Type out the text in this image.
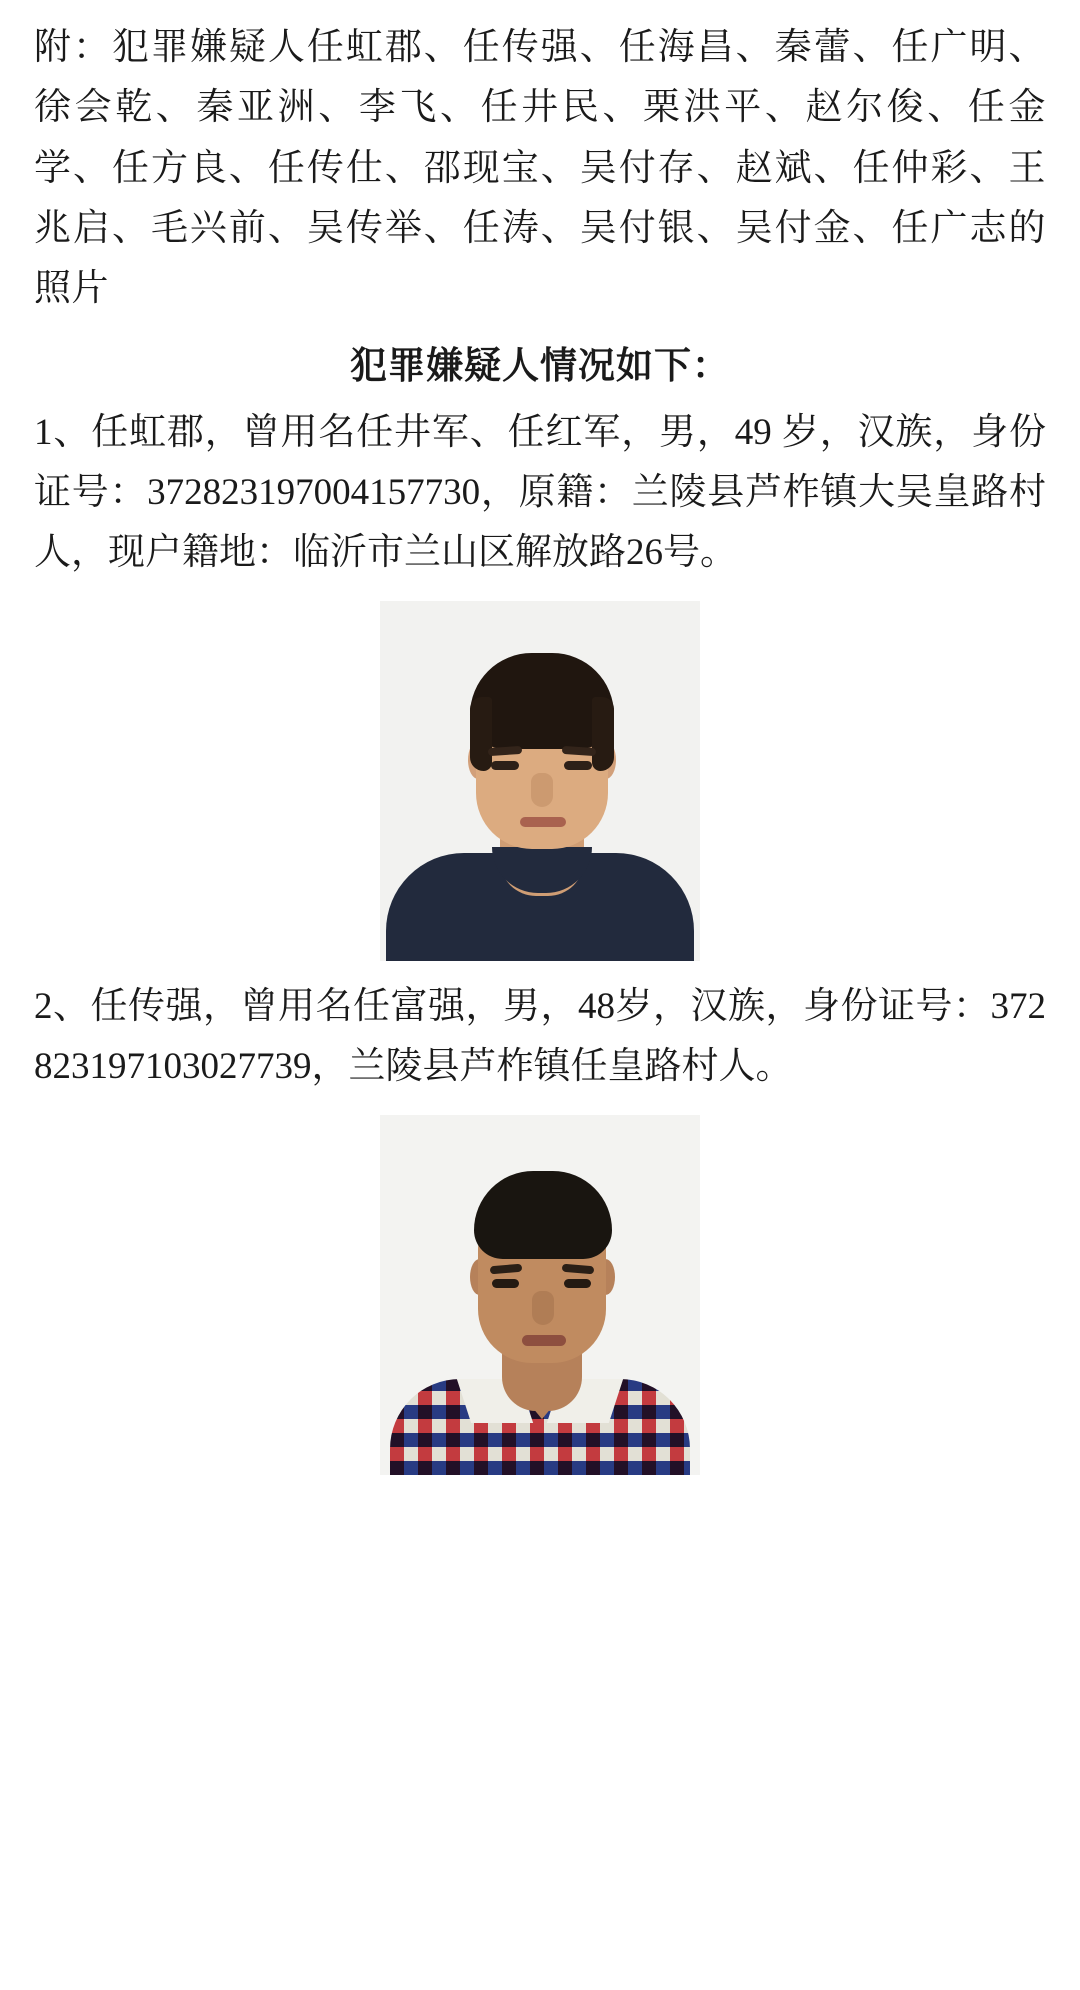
附：犯罪嫌疑人任虹郡、任传强、任海昌、秦蕾、任广明、徐会乾、秦亚洲、李飞、任井民、栗洪平、赵尔俊、任金学、任方良、任传仕、邵现宝、吴付存、赵斌、任仲彩、王兆启、毛兴前、吴传举、任涛、吴付银、吴付金、任广志的照片

犯罪嫌疑人情况如下：

1、任虹郡，曾用名任井军、任红军，男，49 岁，汉族，身份证号：372823197004157730，原籍：兰陵县芦柞镇大吴皇路村人，现户籍地：临沂市兰山区解放路26号。

2、任传强，曾用名任富强，男，48岁，汉族，身份证号：372823197103027739，兰陵县芦柞镇任皇路村人。
